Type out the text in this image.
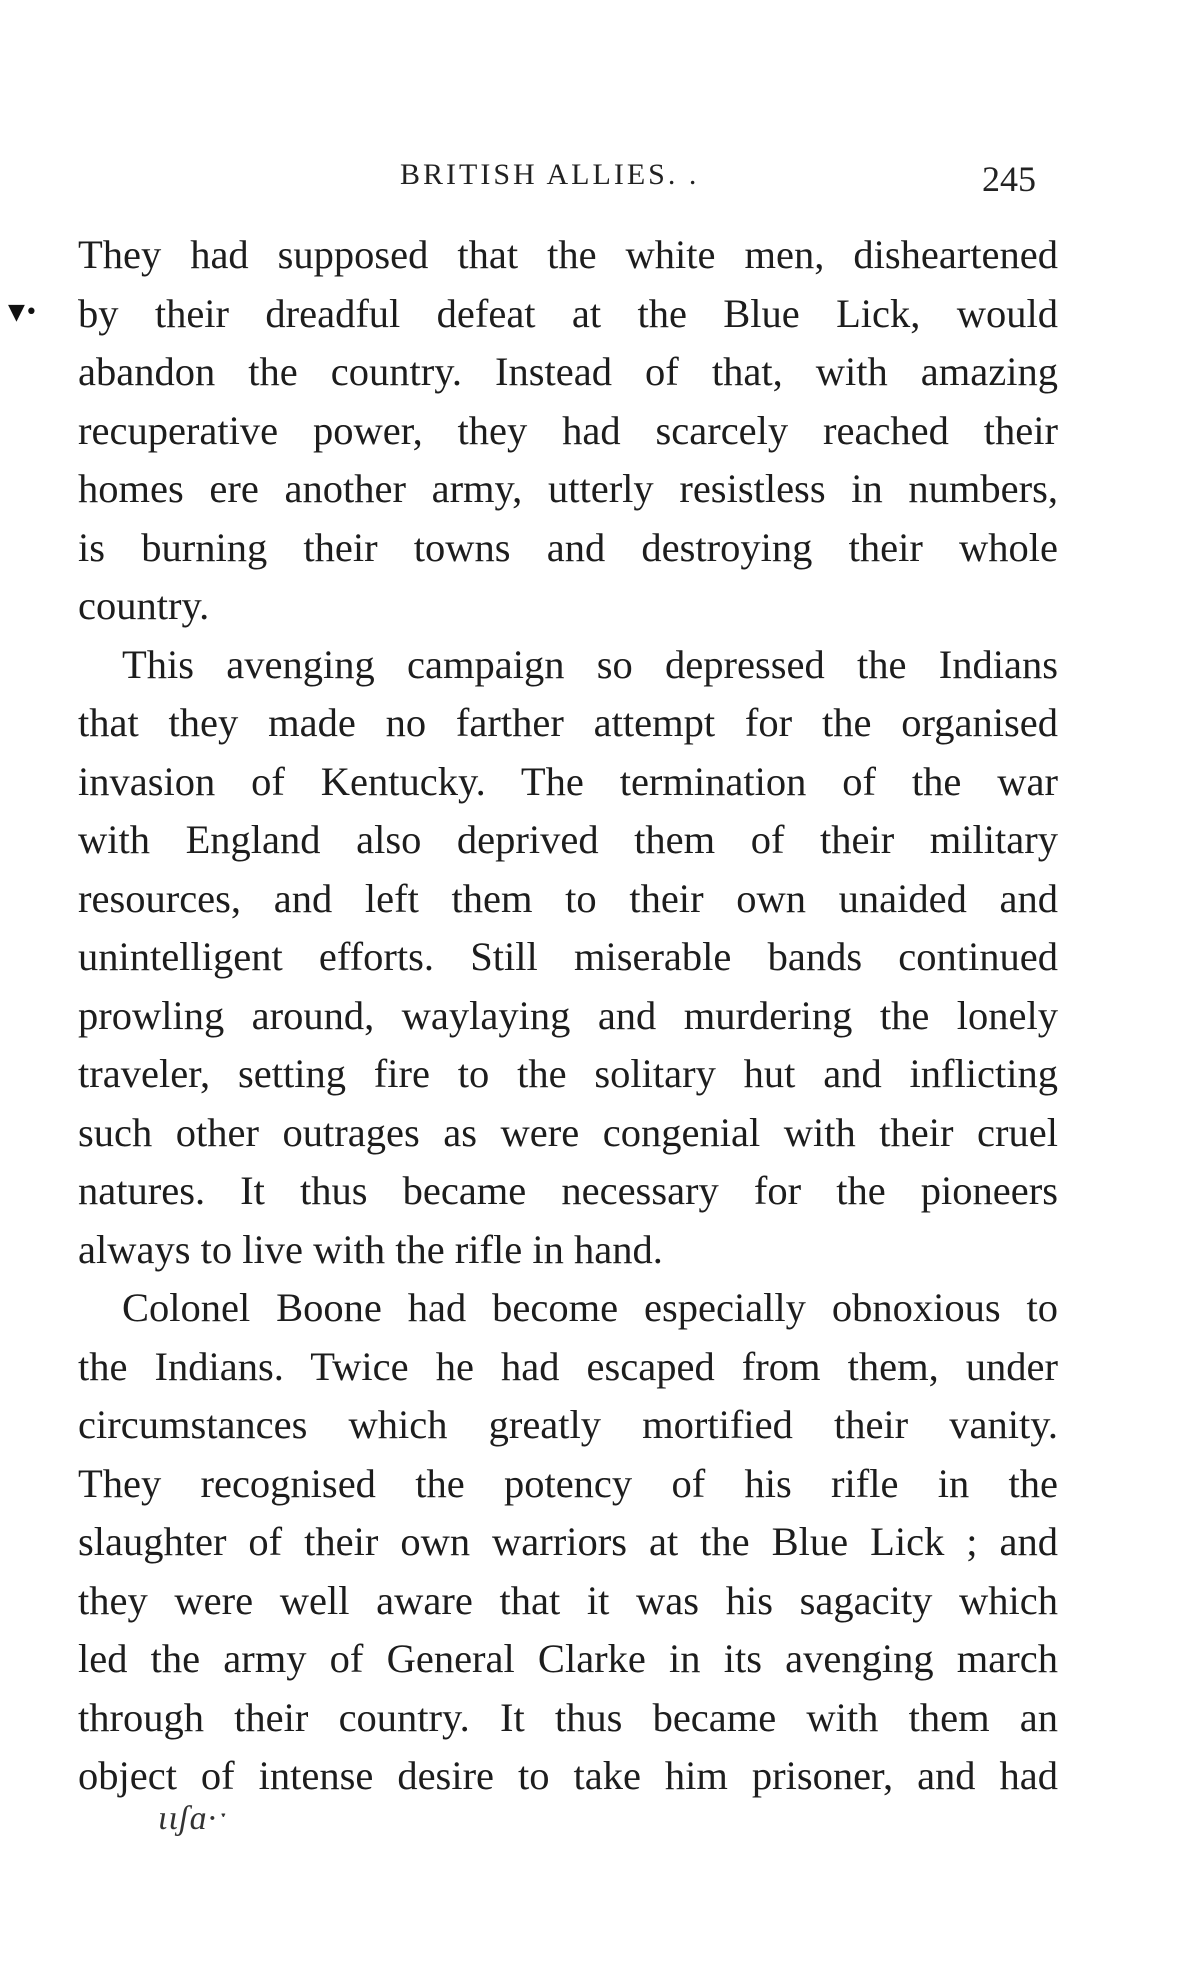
BRITISH ALLIES. .	245
▼•

They had supposed that the white men, disheartened
by their dreadful defeat at the Blue Lick, would
abandon the country. Instead of that, with amazing
recuperative power, they had scarcely reached their
homes ere another army, utterly resistless in numbers,
is burning their towns and destroying their whole
country.

This avenging campaign so depressed the Indians
that they made no farther attempt for the organised
invasion of Kentucky. The termination of the war
with England also deprived them of their military
resources, and left them to their own unaided and
unintelligent efforts. Still miserable bands continued
prowling around, waylaying and murdering the lonely
traveler, setting fire to the solitary hut and inflicting
such other outrages as were congenial with their cruel
natures. It thus became necessary for the pioneers
always to live with the rifle in hand.

Colonel Boone had become especially obnoxious to
the Indians. Twice he had escaped from them, under
circumstances which greatly mortified their vanity.
They recognised the potency of his rifle in the
slaughter of their own warriors at the Blue Lick ; and
they were well aware that it was his sagacity which
led the army of General Clarke in its avenging march
through their country. It thus became with them an
object of intense desire to take him prisoner, and had

ɩɩʃɑ·ˑ
